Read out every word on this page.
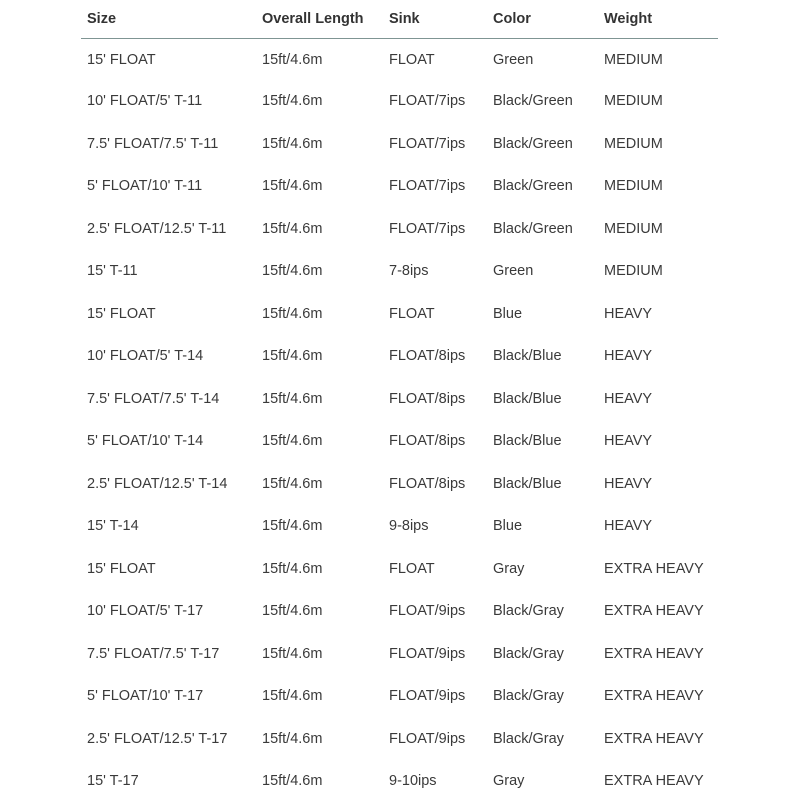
Size	Overall Length	Sink	Color	Weight
15' FLOAT	15ft/4.6m	FLOAT	Green	MEDIUM
10' FLOAT/5' T-11	15ft/4.6m	FLOAT/7ips	Black/Green	MEDIUM
7.5' FLOAT/7.5' T-11	15ft/4.6m	FLOAT/7ips	Black/Green	MEDIUM
5' FLOAT/10' T-11	15ft/4.6m	FLOAT/7ips	Black/Green	MEDIUM
2.5' FLOAT/12.5' T-11	15ft/4.6m	FLOAT/7ips	Black/Green	MEDIUM
15' T-11	15ft/4.6m	7-8ips	Green	MEDIUM
15' FLOAT	15ft/4.6m	FLOAT	Blue	HEAVY
10' FLOAT/5' T-14	15ft/4.6m	FLOAT/8ips	Black/Blue	HEAVY
7.5' FLOAT/7.5' T-14	15ft/4.6m	FLOAT/8ips	Black/Blue	HEAVY
5' FLOAT/10' T-14	15ft/4.6m	FLOAT/8ips	Black/Blue	HEAVY
2.5' FLOAT/12.5' T-14	15ft/4.6m	FLOAT/8ips	Black/Blue	HEAVY
15' T-14	15ft/4.6m	9-8ips	Blue	HEAVY
15' FLOAT	15ft/4.6m	FLOAT	Gray	EXTRA HEAVY
10' FLOAT/5' T-17	15ft/4.6m	FLOAT/9ips	Black/Gray	EXTRA HEAVY
7.5' FLOAT/7.5' T-17	15ft/4.6m	FLOAT/9ips	Black/Gray	EXTRA HEAVY
5' FLOAT/10' T-17	15ft/4.6m	FLOAT/9ips	Black/Gray	EXTRA HEAVY
2.5' FLOAT/12.5' T-17	15ft/4.6m	FLOAT/9ips	Black/Gray	EXTRA HEAVY
15' T-17	15ft/4.6m	9-10ips	Gray	EXTRA HEAVY
